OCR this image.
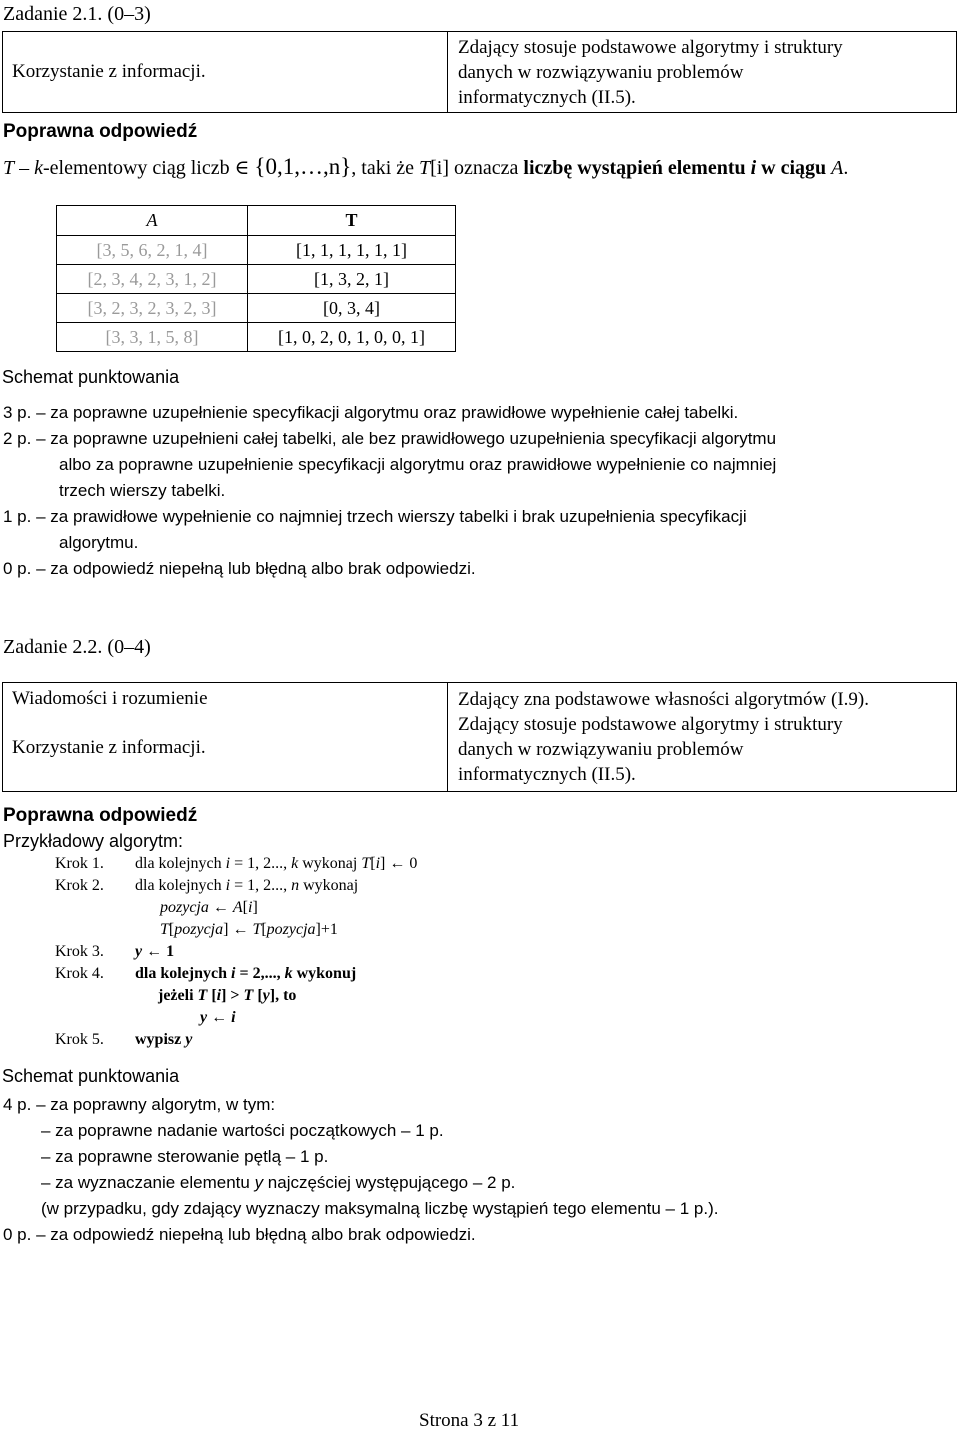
Zadanie 2.1. (0–3)
Korzystanie z informacji.	
Zdający stosuje podstawowe algorytmy i struktury
danych w rozwiązywaniu problemów
informatycznych (II.5).
Poprawna odpowiedź
T – k-elementowy ciąg liczb ∈ {0,1,…,n}, taki że T[i] oznacza liczbę wystąpień elementu i w ciągu A.
A	T
[3, 5, 6, 2, 1, 4]	[1, 1, 1, 1, 1, 1]
[2, 3, 4, 2, 3, 1, 2]	[1, 3, 2, 1]
[3, 2, 3, 2, 3, 2, 3]	[0, 3, 4]
[3, 3, 1, 5, 8]	[1, 0, 2, 0, 1, 0, 0, 1]
Schemat punktowania
3 p. – za poprawne uzupełnienie specyfikacji algorytmu oraz prawidłowe wypełnienie całej tabelki.
2 p. – za poprawne uzupełnieni całej tabelki, ale bez prawidłowego uzupełnienia specyfikacji algorytmu
albo za poprawne uzupełnienie specyfikacji algorytmu oraz prawidłowe wypełnienie co najmniej
trzech wierszy tabelki.
1 p. – za prawidłowe wypełnienie co najmniej trzech wierszy tabelki i brak uzupełnienia specyfikacji
algorytmu.
0 p. – za odpowiedź niepełną lub błędną albo brak odpowiedzi.
Zadanie 2.2. (0–4)
Wiadomości i rozumienie
Korzystanie z informacji.

Zdający zna podstawowe własności algorytmów (I.9).
Zdający stosuje podstawowe algorytmy i struktury
danych w rozwiązywaniu problemów
informatycznych (II.5).
Poprawna odpowiedź
Przykładowy algorytm:
Krok 1. dla kolejnych i = 1, 2..., k wykonaj T[i] ← 0
Krok 2. dla kolejnych i = 1, 2..., n wykonaj
pozycja ← A[i]
T[pozycja] ← T[pozycja]+1
Krok 3. y ← 1
Krok 4. dla kolejnych i = 2,..., k wykonuj
jeżeli T [i] > T [y], to
y ← i
Krok 5. wypisz y
Schemat punktowania
4 p. – za poprawny algorytm, w tym:
– za poprawne nadanie wartości początkowych – 1 p.
– za poprawne sterowanie pętlą – 1 p.
– za wyznaczanie elementu y najczęściej występującego – 2 p.
(w przypadku, gdy zdający wyznaczy maksymalną liczbę wystąpień tego elementu – 1 p.).
0 p. – za odpowiedź niepełną lub błędną albo brak odpowiedzi.
Strona 3 z 11
